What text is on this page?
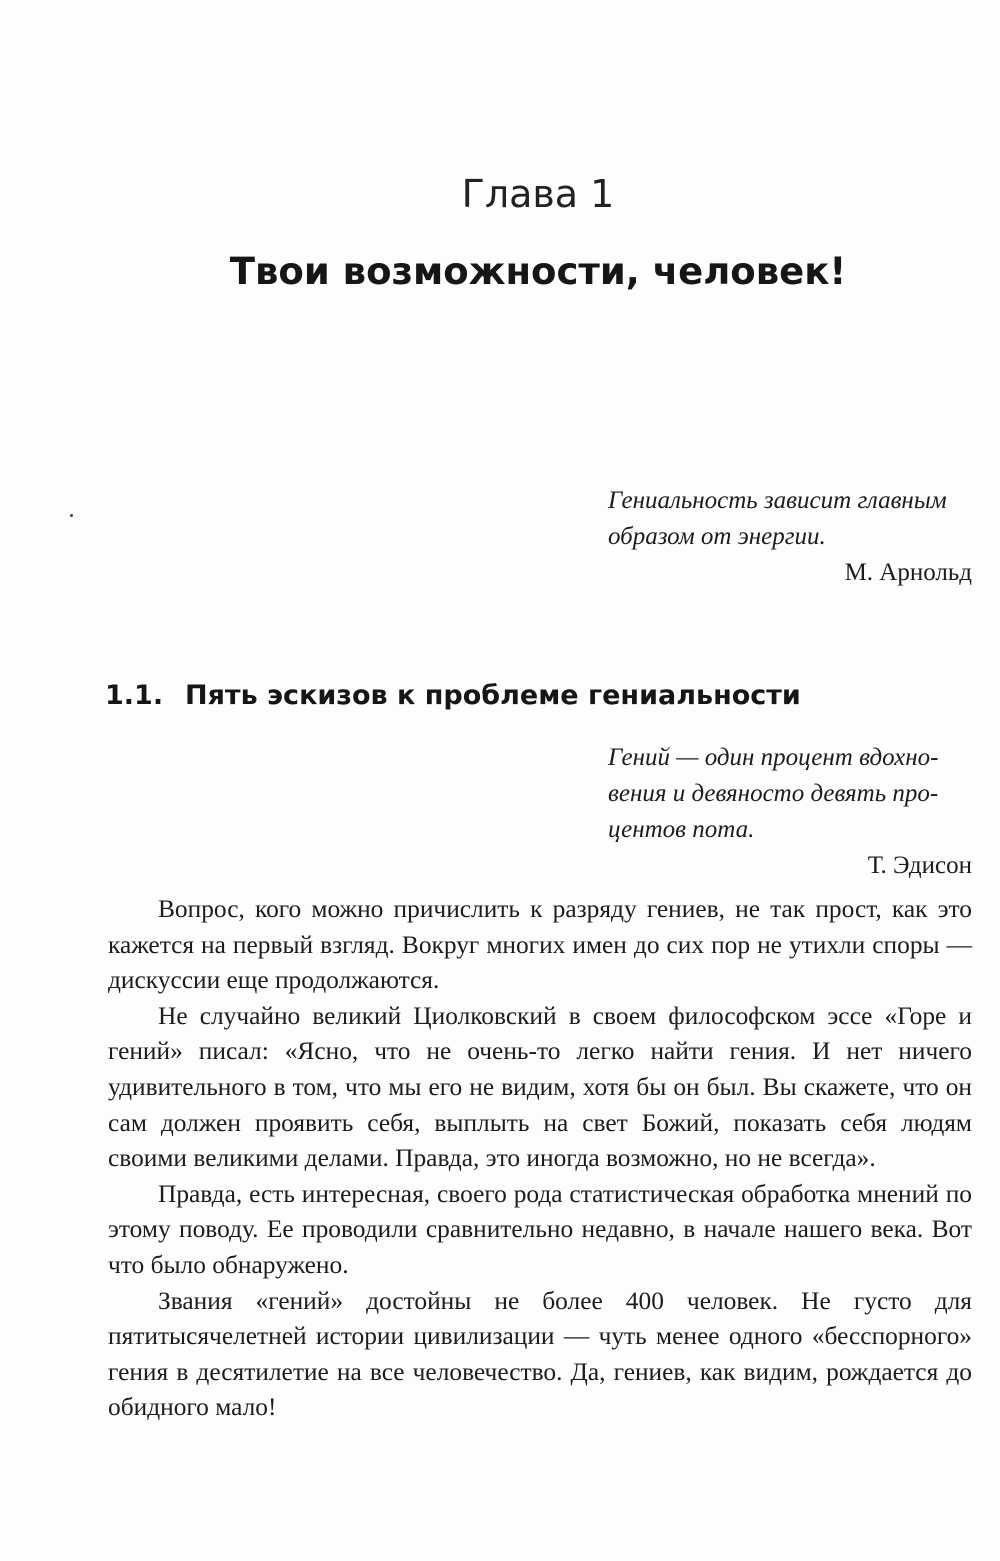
Глава 1
Твои возможности, человек!

Гениальность зависит главным образом от энергии.

М. Арнольд

1.1. Пять эскизов к проблеме гениальности

Гений — один процент вдохновения и девяносто девять процентов пота.

Т. Эдисон

Вопрос, кого можно причислить к разряду гениев, не так прост, как это кажется на первый взгляд. Вокруг многих имен до сих пор не утихли споры — дискуссии еще продолжаются.

Не случайно великий Циолковский в своем философском эссе «Горе и гений» писал: «Ясно, что не очень-то легко найти гения. И нет ничего удивительного в том, что мы его не видим, хотя бы он был. Вы скажете, что он сам должен проявить себя, выплыть на свет Божий, показать себя людям своими великими делами. Правда, это иногда возможно, но не всегда».

Правда, есть интересная, своего рода статистическая обработка мнений по этому поводу. Ее проводили сравнительно недавно, в начале нашего века. Вот что было обнаружено.

Звания «гений» достойны не более 400 человек. Не густо для пятитысячелетней истории цивилизации — чуть менее одного «бесспорного» гения в десятилетие на все человечество. Да, гениев, как видим, рождается до обидного мало!
